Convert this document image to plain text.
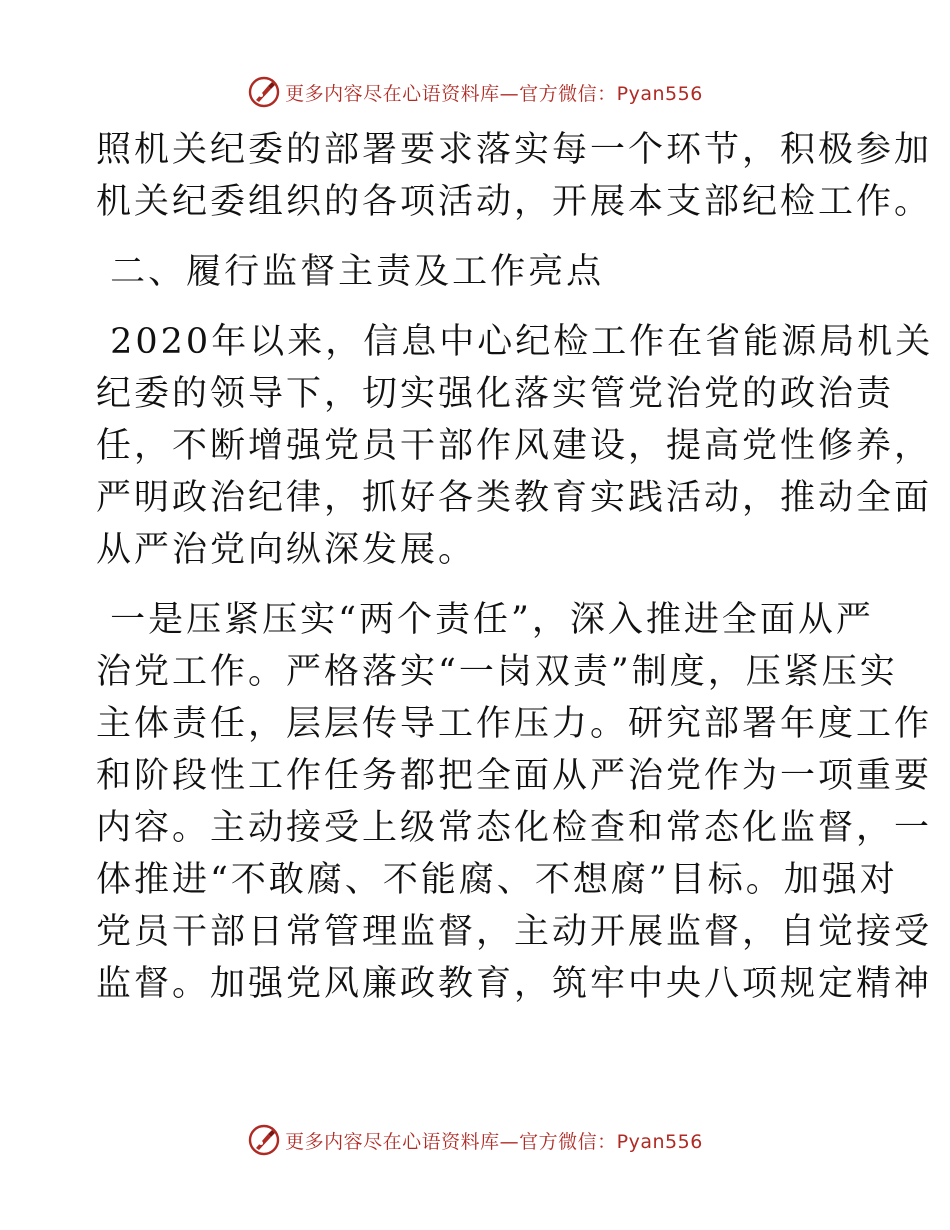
更多内容尽在心语资料库—官方微信：Pyan556

照机关纪委的部署要求落实每一个环节，积极参加

机关纪委组织的各项活动，开展本支部纪检工作。

二、履行监督主责及工作亮点

2020年以来，信息中心纪检工作在省能源局机关

纪委的领导下，切实强化落实管党治党的政治责

任，不断增强党员干部作风建设，提高党性修养，

严明政治纪律，抓好各类教育实践活动，推动全面

从严治党向纵深发展。

一是压紧压实“两个责任”，深入推进全面从严

治党工作。严格落实“一岗双责”制度，压紧压实

主体责任，层层传导工作压力。研究部署年度工作

和阶段性工作任务都把全面从严治党作为一项重要

内容。主动接受上级常态化检查和常态化监督，一

体推进“不敢腐、不能腐、不想腐”目标。加强对

党员干部日常管理监督，主动开展监督，自觉接受

监督。加强党风廉政教育，筑牢中央八项规定精神

更多内容尽在心语资料库—官方微信：Pyan556
